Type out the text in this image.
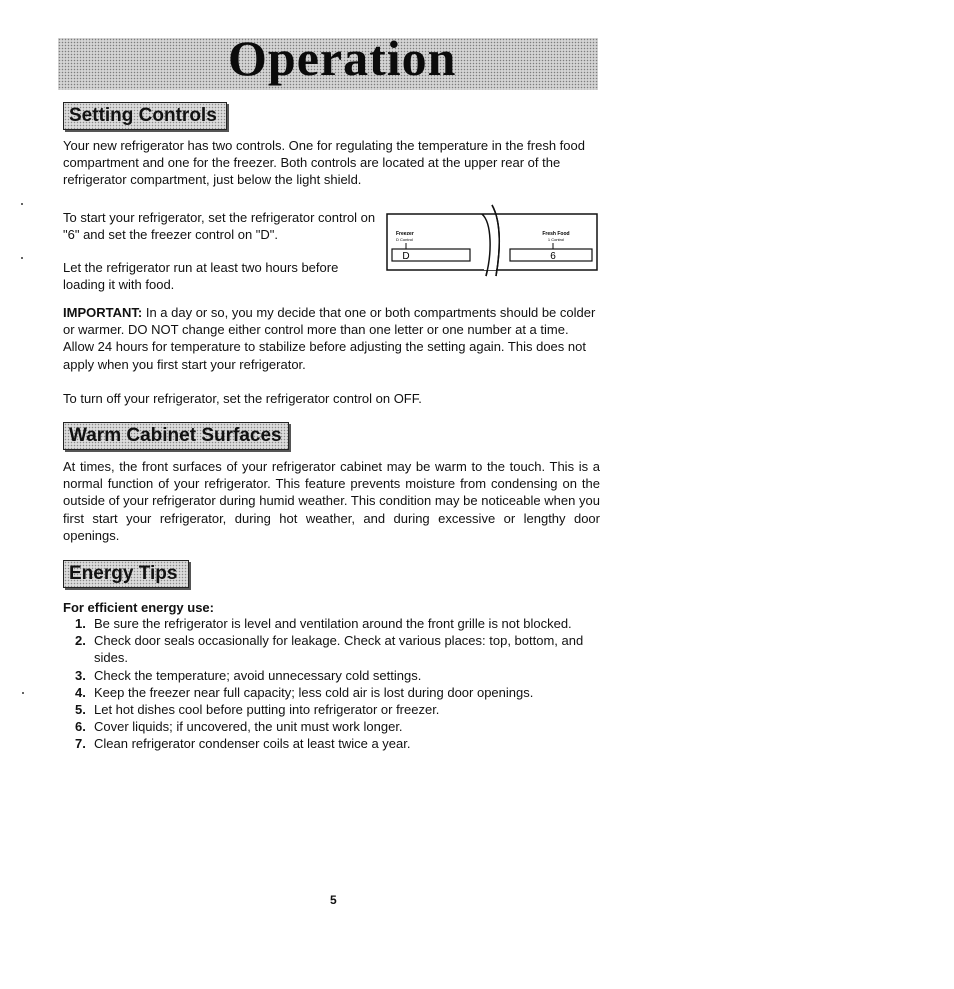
Operation
Setting Controls

Your new refrigerator has two controls. One for regulating the temperature in the fresh food compartment and one for the freezer. Both controls are located at the upper rear of the refrigerator compartment, just below the light shield.

To start your refrigerator, set the refrigerator control on "6" and set the freezer control on "D".

Let the refrigerator run at least two hours before loading it with food.

Freezer
D Control
D
Fresh Food
1 Control
6

IMPORTANT: In a day or so, you my decide that one or both compartments should be colder or warmer. DO NOT change either control more than one letter or one number at a time. Allow 24 hours for temperature to stabilize before adjusting the setting again. This does not apply when you first start your refrigerator.

To turn off your refrigerator, set the refrigerator control on OFF.

Warm Cabinet Surfaces

At times, the front surfaces of your refrigerator cabinet may be warm to the touch. This is a normal function of your refrigerator. This feature prevents moisture from condensing on the outside of your refrigerator during humid weather. This condition may be noticeable when you first start your refrigerator, during hot weather, and during excessive or lengthy door openings.

Energy Tips

For efficient energy use:

1. Be sure the refrigerator is level and ventilation around the front grille is not blocked.
2. Check door seals occasionally for leakage. Check at various places: top, bottom, and sides.
3. Check the temperature; avoid unnecessary cold settings.
4. Keep the freezer near full capacity; less cold air is lost during door openings.
5. Let hot dishes cool before putting into refrigerator or freezer.
6. Cover liquids; if uncovered, the unit must work longer.
7. Clean refrigerator condenser coils at least twice a year.
5
